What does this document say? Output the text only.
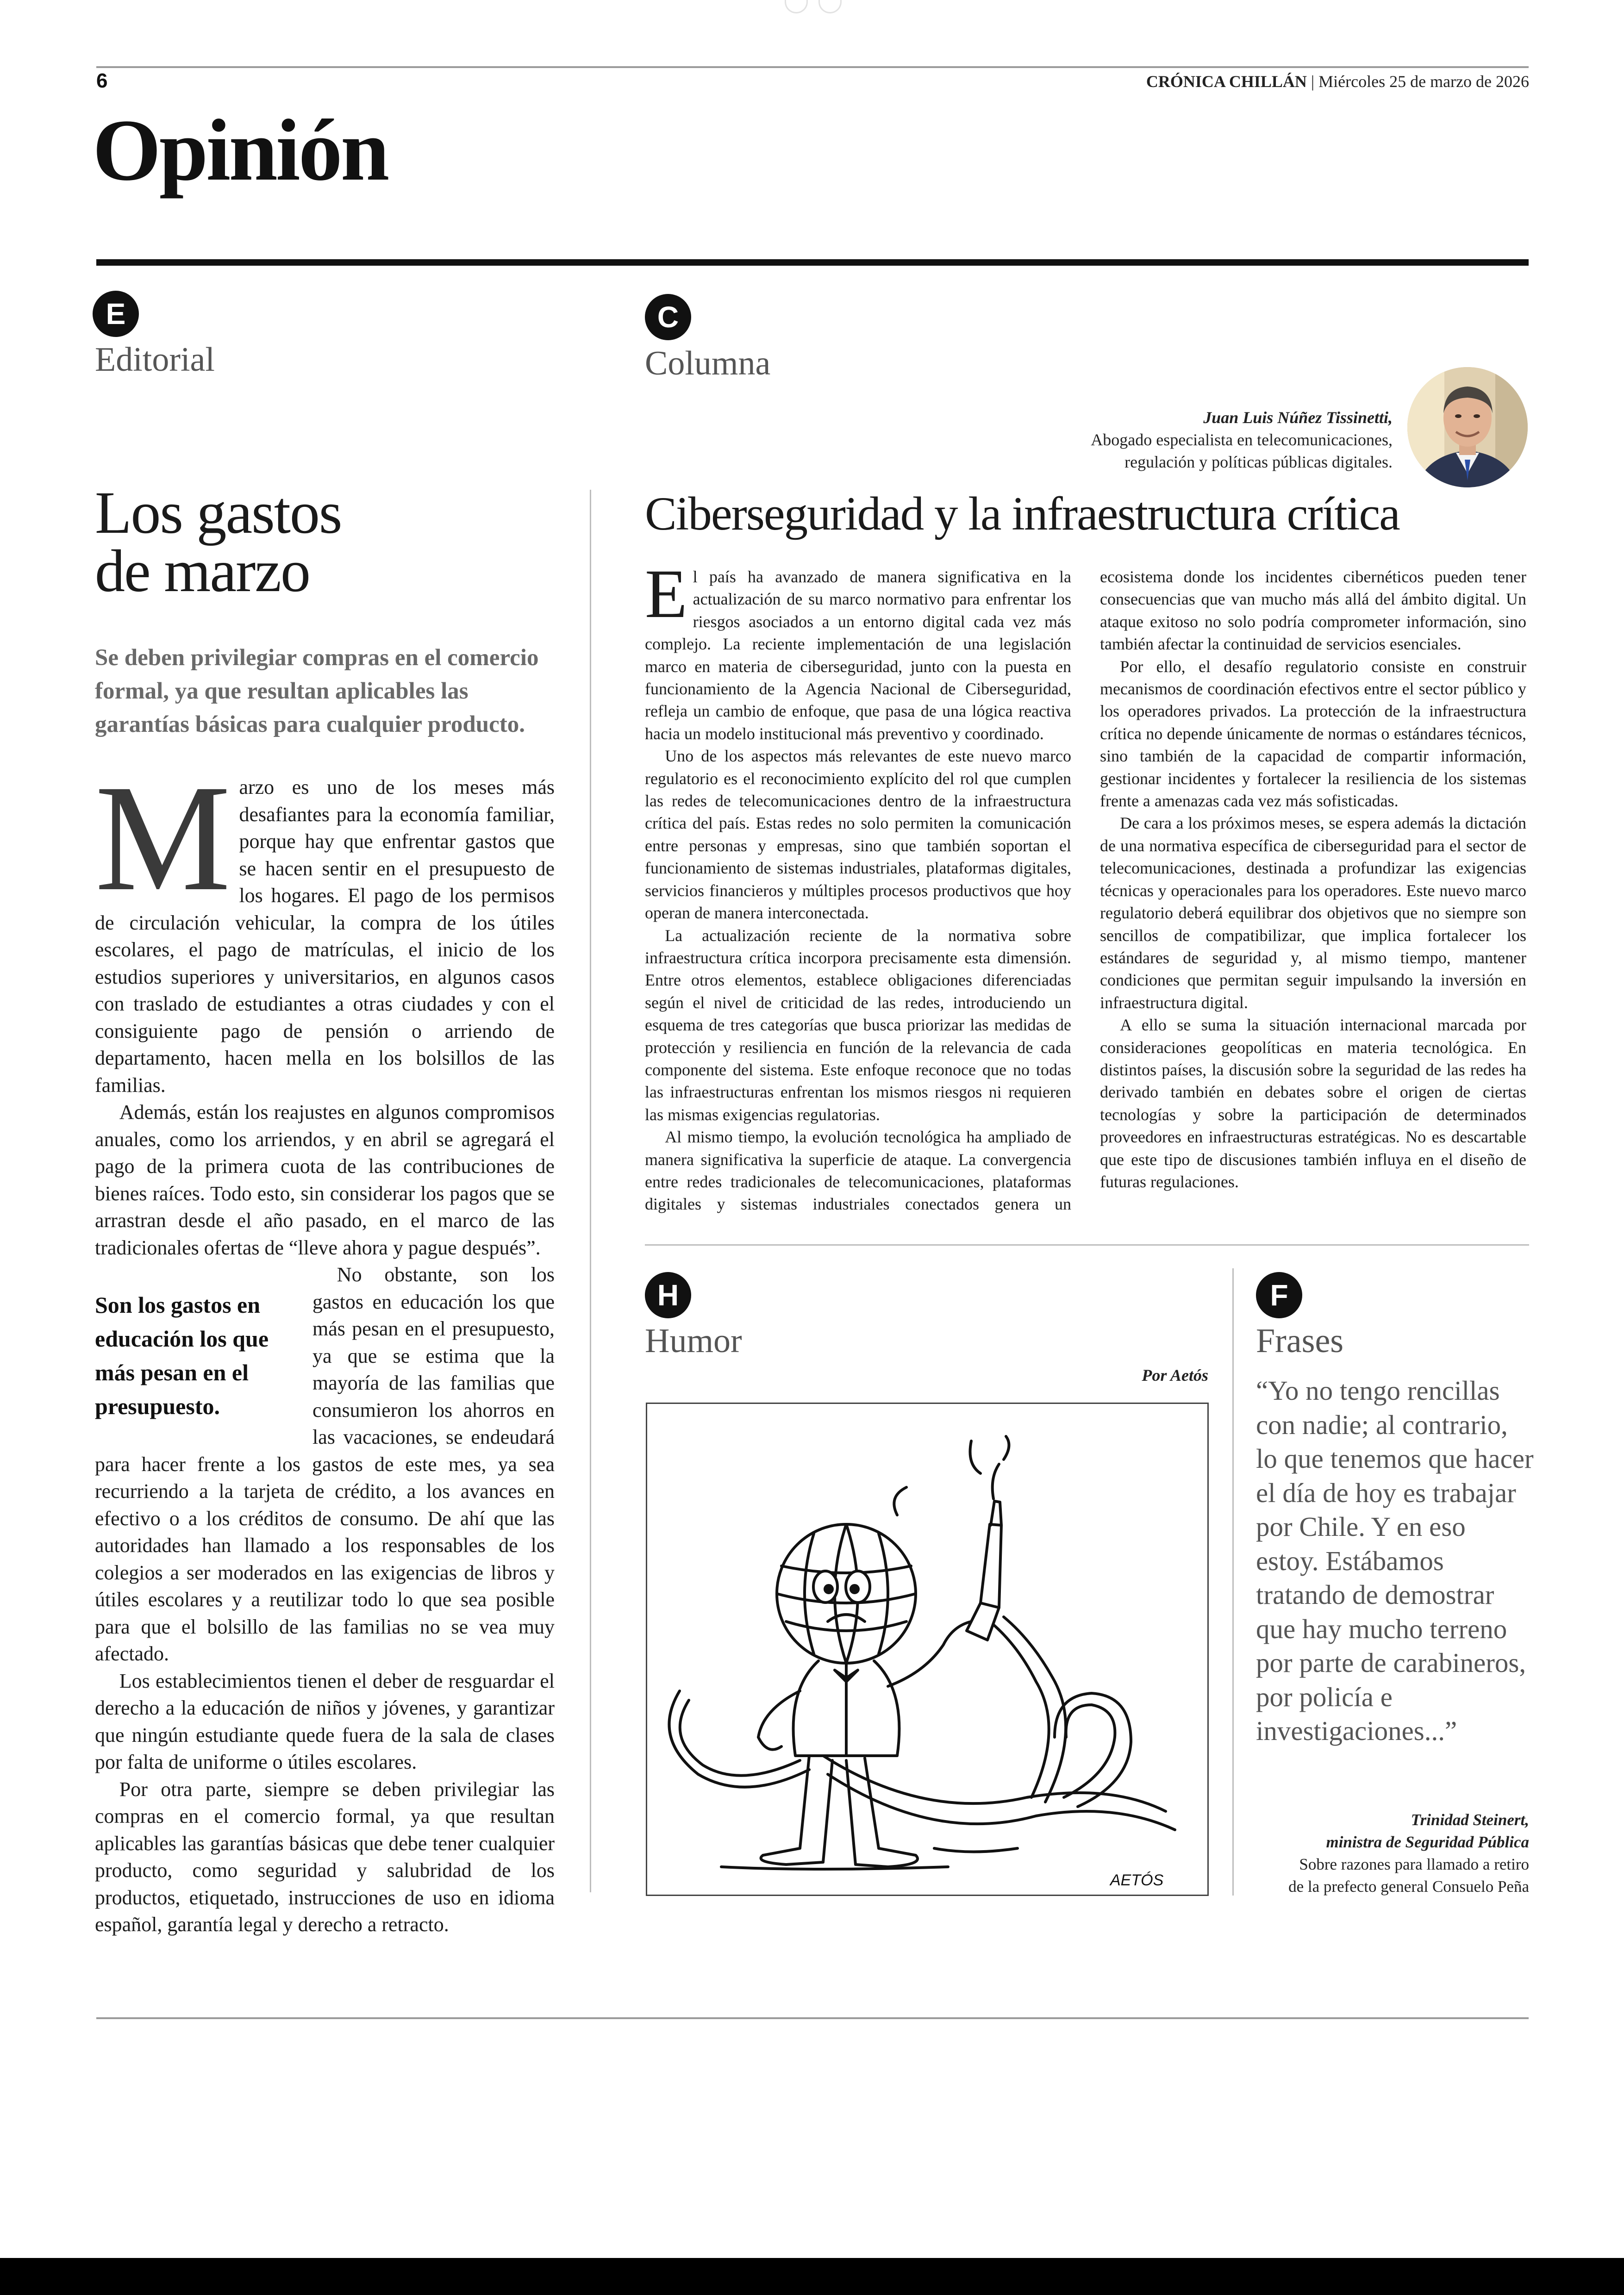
6	CRÓNICA CHILLÁN | Miércoles 25 de marzo de 2026
Opinión
E
Editorial
Los gastos
de marzo
Se deben privilegiar compras en el comercio formal, ya que resultan aplicables las garantías básicas para cualquier producto.
M arzo es uno de los meses más desafiantes para la economía familiar, porque hay que enfrentar gastos que se hacen sentir en el presupuesto de los hogares. El pago de los permisos de circulación vehicular, la compra de los útiles escolares, el pago de matrículas, el inicio de los estudios superiores y universitarios, en algunos casos con traslado de estudiantes a otras ciudades y con el consiguiente pago de pensión o arriendo de departamento, hacen mella en los bolsillos de las familias.

Además, están los reajustes en algunos compromisos anuales, como los arriendos, y en abril se agregará el pago de la primera cuota de las contribuciones de bienes raíces. Todo esto, sin considerar los pagos que se arrastran desde el año pasado, en el marco de las tradicionales ofertas de “lleve ahora y pague después”.

Son los gastos en educación los que más pesan en el presupuesto.

No obstante, son los gastos en educación los que más pesan en el presupuesto, ya que se estima que la mayoría de las familias que consumieron los ahorros en las vacaciones, se endeudará para hacer frente a los gastos de este mes, ya sea recurriendo a la tarjeta de crédito, a los avances en efectivo o a los créditos de consumo. De ahí que las autoridades han llamado a los responsables de los colegios a ser moderados en las exigencias de libros y útiles escolares y a reutilizar todo lo que sea posible para que el bolsillo de las familias no se vea muy afectado.

Los establecimientos tienen el deber de resguardar el derecho a la educación de niños y jóvenes, y garantizar que ningún estudiante quede fuera de la sala de clases por falta de uniforme o útiles escolares.

Por otra parte, siempre se deben privilegiar las compras en el comercio formal, ya que resultan aplicables las garantías básicas que debe tener cualquier producto, como seguridad y salubridad de los productos, etiquetado, instrucciones de uso en idioma español, garantía legal y derecho a retracto.

C
Columna
Juan Luis Núñez Tissinetti,
Abogado especialista en telecomunicaciones,
regulación y políticas públicas digitales.
Ciberseguridad y la infraestructura crítica
E l país ha avanzado de manera significativa en la actualización de su marco normativo para enfrentar los riesgos asociados a un entorno digital cada vez más complejo. La reciente implementación de una legislación marco en materia de ciberseguridad, junto con la puesta en funcionamiento de la Agencia Nacional de Ciberseguridad, refleja un cambio de enfoque, que pasa de una lógica reactiva hacia un modelo institucional más preventivo y coordinado.

Uno de los aspectos más relevantes de este nuevo marco regulatorio es el reconocimiento explícito del rol que cumplen las redes de telecomunicaciones dentro de la infraestructura crítica del país. Estas redes no solo permiten la comunicación entre personas y empresas, sino que también soportan el funcionamiento de sistemas industriales, plataformas digitales, servicios financieros y múltiples procesos productivos que hoy operan de manera interconectada.

La actualización reciente de la normativa sobre infraestructura crítica incorpora precisamente esta dimensión. Entre otros elementos, establece obligaciones diferenciadas según el nivel de criticidad de las redes, introduciendo un esquema de tres categorías que busca priorizar las medidas de protección y resiliencia en función de la relevancia de cada componente del sistema. Este enfoque reconoce que no todas las infraestructuras enfrentan los mismos riesgos ni requieren las mismas exigencias regulatorias.

Al mismo tiempo, la evolución tecnológica ha ampliado de manera significativa la superficie de ataque. La convergencia entre redes tradicionales de telecomunicaciones, plataformas digitales y sistemas industriales conectados genera un ecosistema donde los incidentes cibernéticos pueden tener consecuencias que van mucho más allá del ámbito digital. Un ataque exitoso no solo podría comprometer información, sino también afectar la continuidad de servicios esenciales.

Por ello, el desafío regulatorio consiste en construir mecanismos de coordinación efectivos entre el sector público y los operadores privados. La protección de la infraestructura crítica no depende únicamente de normas o estándares técnicos, sino también de la capacidad de compartir información, gestionar incidentes y fortalecer la resiliencia de los sistemas frente a amenazas cada vez más sofisticadas.

De cara a los próximos meses, se espera además la dictación de una normativa específica de ciberseguridad para el sector de telecomunicaciones, destinada a profundizar las exigencias técnicas y operacionales para los operadores. Este nuevo marco regulatorio deberá equilibrar dos objetivos que no siempre son sencillos de compatibilizar, que implica fortalecer los estándares de seguridad y, al mismo tiempo, mantener condiciones que permitan seguir impulsando la inversión en infraestructura digital.

A ello se suma la situación internacional marcada por consideraciones geopolíticas en materia tecnológica. En distintos países, la discusión sobre la seguridad de las redes ha derivado también en debates sobre el origen de ciertas tecnologías y sobre la participación de determinados proveedores en infraestructuras estratégicas. No es descartable que este tipo de discusiones también influya en el diseño de futuras regulaciones.

H
Humor
Por Aetós
AETÓS
F
Frases
“Yo no tengo rencillas con nadie; al contrario, lo que tenemos que hacer el día de hoy es trabajar por Chile. Y en eso estoy. Estábamos tratando de demostrar que hay mucho terreno por parte de carabineros, por policía e investigaciones...”
Trinidad Steinert,
ministra de Seguridad Pública
Sobre razones para llamado a retiro
de la prefecto general Consuelo Peña
